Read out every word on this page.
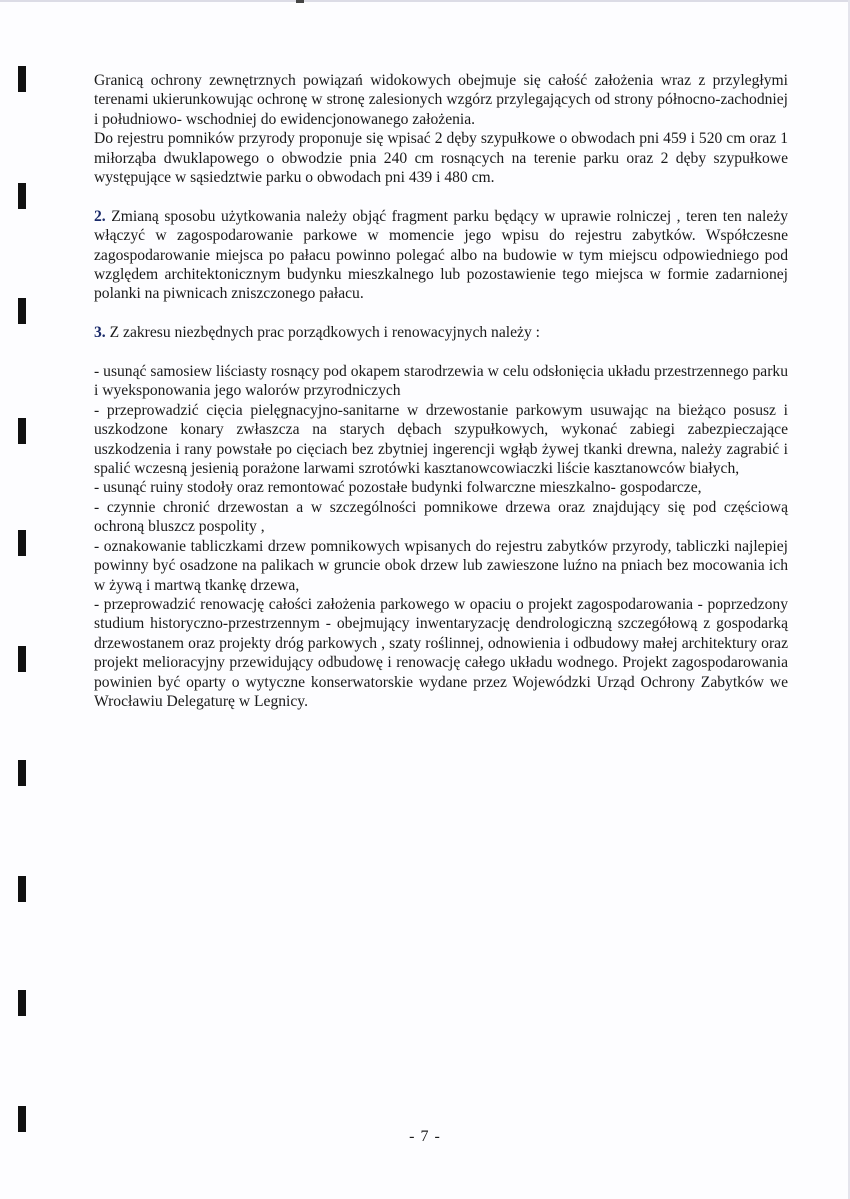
Granicą ochrony zewnętrznych powiązań widokowych obejmuje się całość założenia wraz z przyległymi terenami ukierunkowując ochronę w stronę zalesionych wzgórz przylegających od strony północno-zachodniej i południowo- wschodniej do ewidencjonowanego założenia.

Do rejestru pomników przyrody proponuje się wpisać 2 dęby szypułkowe o obwodach pni 459 i 520 cm oraz 1 miłorząba dwuklapowego o obwodzie pnia 240 cm rosnących na terenie parku oraz 2 dęby szypułkowe występujące w sąsiedztwie parku o obwodach pni 439 i 480 cm.

2. Zmianą sposobu użytkowania należy objąć fragment parku będący w uprawie rolniczej , teren ten należy włączyć w zagospodarowanie parkowe w momencie jego wpisu do rejestru zabytków. Współczesne zagospodarowanie miejsca po pałacu powinno polegać albo na budowie w tym miejscu odpowiedniego pod względem architektonicznym budynku mieszkalnego lub pozostawienie tego miejsca w formie zadarnionej polanki na piwnicach zniszczonego pałacu.

3. Z zakresu niezbędnych prac porządkowych i renowacyjnych należy :

- usunąć samosiew liściasty rosnący pod okapem starodrzewia w celu odsłonięcia układu przestrzennego parku i wyeksponowania jego walorów przyrodniczych

- przeprowadzić cięcia pielęgnacyjno-sanitarne w drzewostanie parkowym usuwając na bieżąco posusz i uszkodzone konary zwłaszcza na starych dębach szypułkowych, wykonać zabiegi zabezpieczające uszkodzenia i rany powstałe po cięciach bez zbytniej ingerencji wgłąb żywej tkanki drewna, należy zagrabić i spalić wczesną jesienią porażone larwami szrotówki kasztanowcowiaczki liście kasztanowców białych,

- usunąć ruiny stodoły oraz remontować pozostałe budynki folwarczne mieszkalno- gospodarcze,

- czynnie chronić drzewostan a w szczególności pomnikowe drzewa oraz znajdujący się pod częściową ochroną bluszcz pospolity ,

- oznakowanie tabliczkami drzew pomnikowych wpisanych do rejestru zabytków przyrody, tabliczki najlepiej powinny być osadzone na palikach w gruncie obok drzew lub zawieszone luźno na pniach bez mocowania ich w żywą i martwą tkankę drzewa,

- przeprowadzić renowację całości założenia parkowego w opaciu o projekt zagospodarowania - poprzedzony studium historyczno-przestrzennym - obejmujący inwentaryzację dendrologiczną szczegółową z gospodarką drzewostanem oraz projekty dróg parkowych , szaty roślinnej, odnowienia i odbudowy małej architektury oraz projekt melioracyjny przewidujący odbudowę i renowację całego układu wodnego. Projekt zagospodarowania powinien być oparty o wytyczne konserwatorskie wydane przez Wojewódzki Urząd Ochrony Zabytków we Wrocławiu Delegaturę w Legnicy.

- 7 -
